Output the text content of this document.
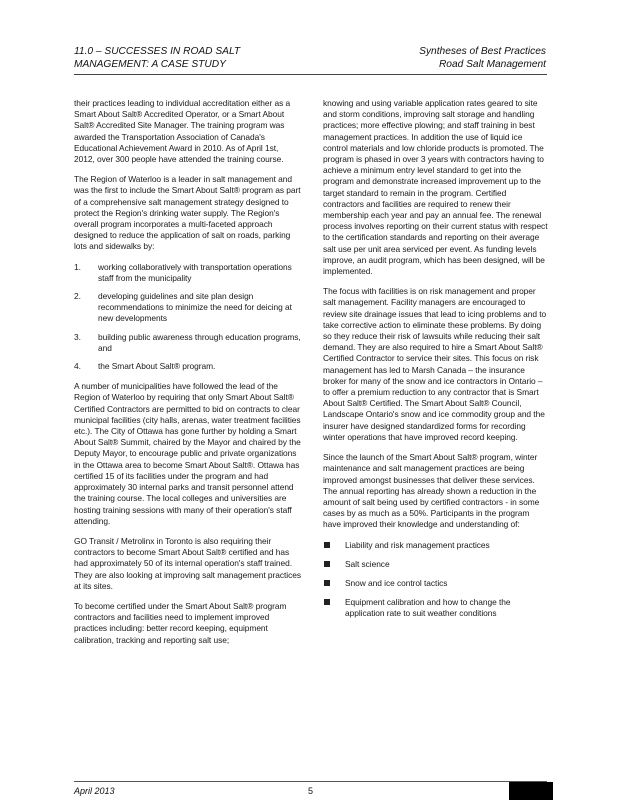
11.0 – SUCCESSES IN ROAD SALT
MANAGEMENT: A CASE STUDY
Syntheses of Best Practices
Road Salt Management

their practices leading to individual accreditation either as a Smart About Salt® Accredited Operator, or a Smart About Salt® Accredited Site Manager. The training program was awarded the Transportation Association of Canada's Educational Achievement Award in 2010. As of April 1st, 2012, over 300 people have attended the training course.

The Region of Waterloo is a leader in salt management and was the first to include the Smart About Salt® program as part of a comprehensive salt management strategy designed to protect the Region's drinking water supply. The Region's overall program incorporates a multi-faceted approach designed to reduce the application of salt on roads, parking lots and sidewalks by:

1. working collaboratively with transportation operations staff from the municipality
2. developing guidelines and site plan design recommendations to minimize the need for deicing at new developments
3. building public awareness through education programs, and
4. the Smart About Salt® program.

A number of municipalities have followed the lead of the Region of Waterloo by requiring that only Smart About Salt® Certified Contractors are permitted to bid on contracts to clear municipal facilities (city halls, arenas, water treatment facilities etc.). The City of Ottawa has gone further by holding a Smart About Salt® Summit, chaired by the Mayor and chaired by the Deputy Mayor, to encourage public and private organizations in the Ottawa area to become Smart About Salt®. Ottawa has certified 15 of its facilities under the program and had approximately 30 internal parks and transit personnel attend the training course. The local colleges and universities are hosting training sessions with many of their operation's staff attending.

GO Transit / Metrolinx in Toronto is also requiring their contractors to become Smart About Salt® certified and has had approximately 50 of its internal operation's staff trained. They are also looking at improving salt management practices at its sites.

To become certified under the Smart About Salt® program contractors and facilities need to implement improved practices including: better record keeping, equipment calibration, tracking and reporting salt use;

knowing and using variable application rates geared to site and storm conditions, improving salt storage and handling practices; more effective plowing; and staff training in best management practices. In addition the use of liquid ice control materials and low chloride products is promoted. The program is phased in over 3 years with contractors having to achieve a minimum entry level standard to get into the program and demonstrate increased improvement up to the target standard to remain in the program. Certified contractors and facilities are required to renew their membership each year and pay an annual fee. The renewal process involves reporting on their current status with respect to the certification standards and reporting on their average salt use per unit area serviced per event. As funding levels improve, an audit program, which has been designed, will be implemented.

The focus with facilities is on risk management and proper salt management. Facility managers are encouraged to review site drainage issues that lead to icing problems and to take corrective action to eliminate these problems. By doing so they reduce their risk of lawsuits while reducing their salt demand. They are also required to hire a Smart About Salt® Certified Contractor to service their sites. This focus on risk management has led to Marsh Canada – the insurance broker for many of the snow and ice contractors in Ontario – to offer a premium reduction to any contractor that is Smart About Salt® Certified. The Smart About Salt® Council, Landscape Ontario's snow and ice commodity group and the insurer have designed standardized forms for recording winter operations that have improved record keeping.

Since the launch of the Smart About Salt® program, winter maintenance and salt management practices are being improved amongst businesses that deliver these services. The annual reporting has already shown a reduction in the amount of salt being used by certified contractors - in some cases by as much as a 50%. Participants in the program have improved their knowledge and understanding of:

Liability and risk management practices
Salt science
Snow and ice control tactics
Equipment calibration and how to change the application rate to suit weather conditions
April 2013	5
